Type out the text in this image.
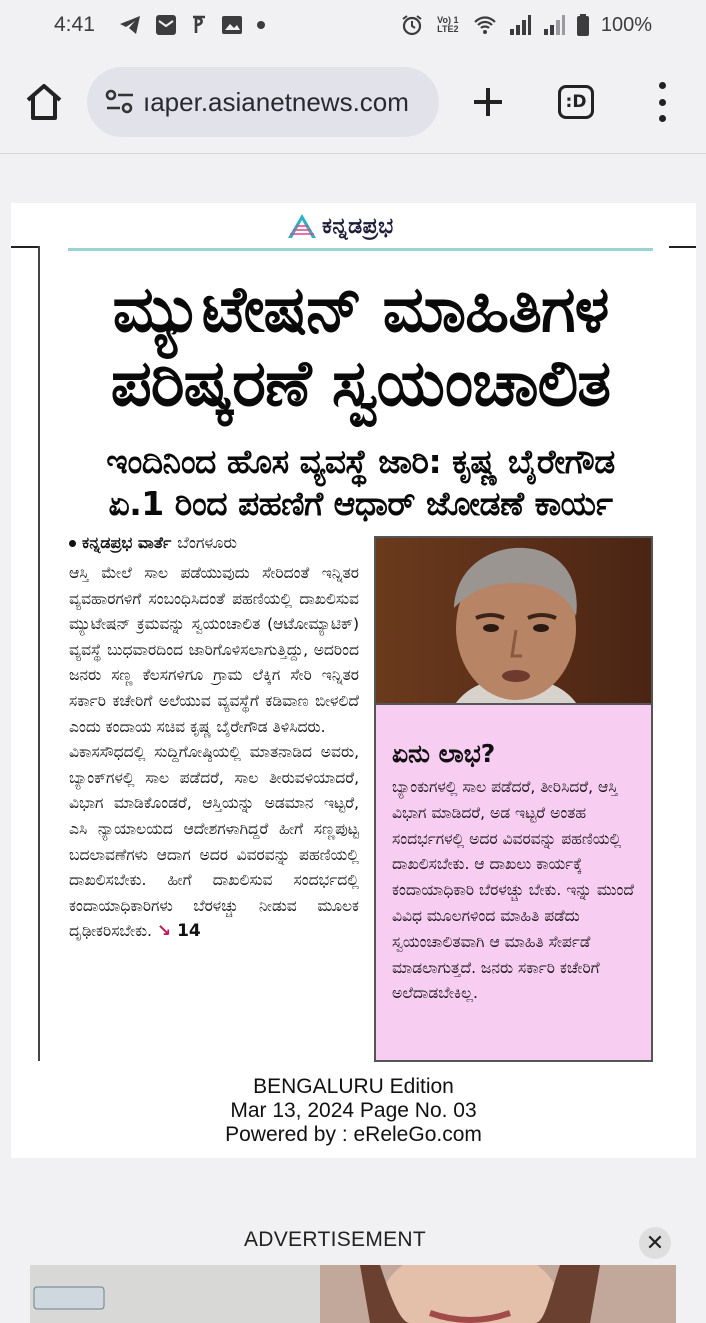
4:41	Vo) 1 LTE2	100%
ıaper.asianetnews.com	:D
ಕನ್ನಡಪ್ರಭ
ಮ್ಯುಟೇಷನ್ ಮಾಹಿತಿಗಳ
ಪರಿಷ್ಕರಣೆ ಸ್ವಯಂಚಾಲಿತ
ಇಂದಿನಿಂದ ಹೊಸ ವ್ಯವಸ್ಥೆ ಜಾರಿ: ಕೃಷ್ಣ ಬೈರೇಗೌಡ
ಏ.1 ರಿಂದ ಪಹಣಿಗೆ ಆಧಾರ್ ಜೋಡಣೆ ಕಾರ್ಯ
ಕನ್ನಡಪ್ರಭ ವಾರ್ತೆ ಬೆಂಗಳೂರು

ಆಸ್ತಿ ಮೇಲೆ ಸಾಲ ಪಡೆಯುವುದು ಸೇರಿದಂತೆ ಇನ್ನಿತರ ವ್ಯವಹಾರಗಳಿಗೆ ಸಂಬಂಧಿಸಿದಂತೆ ಪಹಣಿಯಲ್ಲಿ ದಾಖಲಿಸುವ ಮ್ಯುಟೇಷನ್ ಕ್ರಮವನ್ನು ಸ್ವಯಂಚಾಲಿತ (ಆಟೋಮ್ಯಾಟಿಕ್) ವ್ಯವಸ್ಥೆ ಬುಧವಾರದಿಂದ ಜಾರಿಗೊಳಿಸಲಾಗುತ್ತಿದ್ದು, ಅದರಿಂದ ಜನರು ಸಣ್ಣ ಕೆಲಸಗಳಿಗೂ ಗ್ರಾಮ ಲೆಕ್ಕಿಗ ಸೇರಿ ಇನ್ನಿತರ ಸರ್ಕಾರಿ ಕಚೇರಿಗೆ ಅಲೆಯುವ ವ್ಯವಸ್ಥೆಗೆ ಕಡಿವಾಣ ಬೀಳಲಿದೆ ಎಂದು ಕಂದಾಯ ಸಚಿವ ಕೃಷ್ಣ ಬೈರೇಗೌಡ ತಿಳಿಸಿದರು.

ವಿಕಾಸಸೌಧದಲ್ಲಿ ಸುದ್ದಿಗೋಷ್ಠಿಯಲ್ಲಿ ಮಾತನಾಡಿದ ಅವರು, ಬ್ಯಾಂಕ್‌ಗಳಲ್ಲಿ ಸಾಲ ಪಡೆದರೆ, ಸಾಲ ತೀರುವಳಿಯಾದರೆ, ವಿಭಾಗ ಮಾಡಿಕೊಂಡರೆ, ಆಸ್ತಿಯನ್ನು ಅಡಮಾನ ಇಟ್ಟರೆ, ಎಸಿ ನ್ಯಾಯಾಲಯದ ಆದೇಶಗಳಾಗಿದ್ದರೆ ಹೀಗೆ ಸಣ್ಣಪುಟ್ಟ ಬದಲಾವಣೆಗಳು ಆದಾಗ ಅದರ ವಿವರವನ್ನು ಪಹಣಿಯಲ್ಲಿ ದಾಖಲಿಸಬೇಕು. ಹೀಗೆ ದಾಖಲಿಸುವ ಸಂದರ್ಭದಲ್ಲಿ ಕಂದಾಯಾಧಿಕಾರಿಗಳು ಬೆರಳಚ್ಚು ನೀಡುವ ಮೂಲಕ ದೃಢೀಕರಿಸಬೇಕು. ↘ 14

ಏನು ಲಾಭ?
ಬ್ಯಾಂಕುಗಳಲ್ಲಿ ಸಾಲ ಪಡೆದರೆ, ತೀರಿಸಿದರೆ, ಆಸ್ತಿ ವಿಭಾಗ ಮಾಡಿದರೆ, ಅಡ ಇಟ್ಟರೆ ಅಂತಹ ಸಂದರ್ಭಗಳಲ್ಲಿ ಅದರ ವಿವರವನ್ನು ಪಹಣಿಯಲ್ಲಿ ದಾಖಲಿಸಬೇಕು. ಆ ದಾಖಲು ಕಾರ್ಯಕ್ಕೆ ಕಂದಾಯಾಧಿಕಾರಿ ಬೆರಳಚ್ಚು ಬೇಕು. ಇನ್ನು ಮುಂದೆ ವಿವಿಧ ಮೂಲಗಳಿಂದ ಮಾಹಿತಿ ಪಡೆದು ಸ್ವಯಂಚಾಲಿತವಾಗಿ ಆ ಮಾಹಿತಿ ಸೇರ್ಪಡೆ ಮಾಡಲಾಗುತ್ತದೆ. ಜನರು ಸರ್ಕಾರಿ ಕಚೇರಿಗೆ ಅಲೆದಾಡಬೇಕಿಲ್ಲ.
BENGALURU Edition
Mar 13, 2024 Page No. 03
Powered by : eReleGo.com
ADVERTISEMENT	✕
